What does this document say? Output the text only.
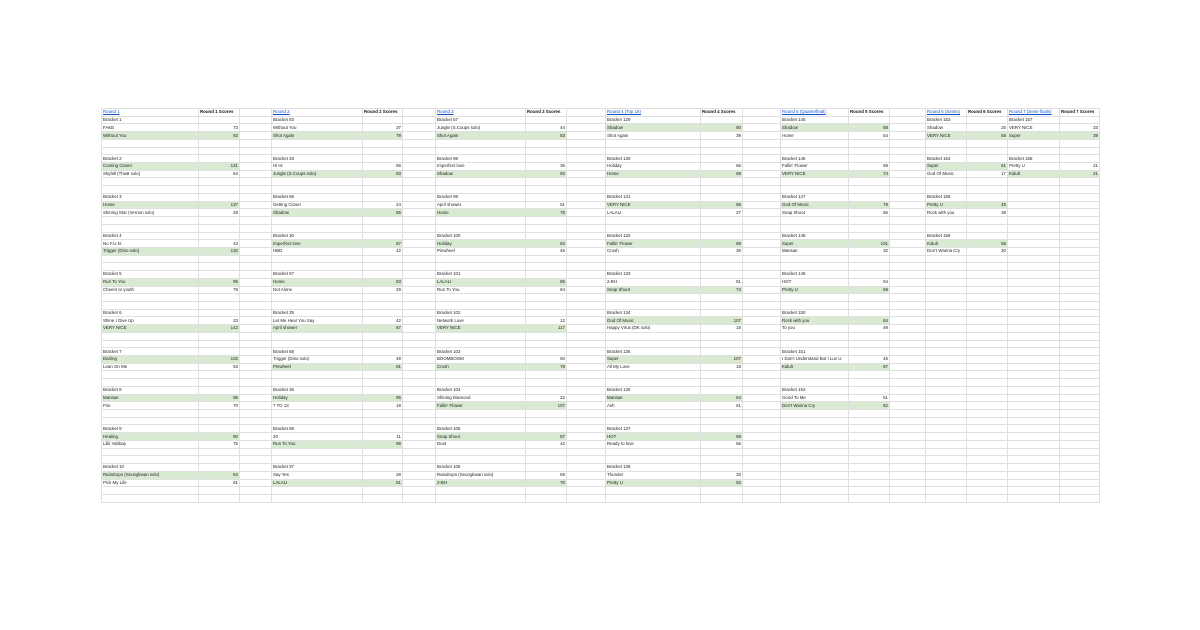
Round 1	Round 1 Scores		Round 2	Round 2 Scores		Round 3	Round 3 Scores		Round 4 (Top 16)	Round 4 Scores		Round 5 (Quarterfinal)	Round 5 Scores		Round 6 (Semis)	Round 6 Scores		Round 7 (Semi-finals)	Round 7 Scores
Bracket 1			Bracket 93			Bracket 57			Bracket 129			Bracket 145			Bracket 153			Bracket 157	
FAKE	73		Without You	37		Jungle (S.Coups solo)	44		Shadow	90		Shadow	88		Shadow	25		VERY NICE	33
Without You	92		Shot Again	79		Shot Again	83		Shot Again	39		Home	64		VERY NICE	58		Super	39

Bracket 2			Bracket 33			Bracket 98			Bracket 130			Bracket 146			Bracket 154			Bracket 158	
Coming Closer	131		Hi Hi	66		Imperfect love	36		Holiday	66		Fallin' Flower	59		Super	61		Pretty U	21
Skyfall (Thw8 solo)	64		Jungle (S.Coups solo)	83		Shadow	93		Home	69		VERY NICE	74		God Of Music	17		Kidult	21

Bracket 3			Bracket 66			Bracket 99			Bracket 131			Bracket 147			Bracket 155				
Home	137		Getting Closer	24		April shower	51		VERY NICE	96		God Of Music	79		Pretty U	45			
Shining Star (Vernon solo)	28		Shadow	85		Home	78		LALALI	27		Snap Shoot	56		Rock with you	38			

Bracket 4			Bracket 30			Bracket 100			Bracket 132			Bracket 148			Bracket 156				
No F.U.N.	43		Imperfect love	87		Holiday	84		Fallin' Flower	89		Super	101		Kidult	58			
Trigger (Dino solo)	132		HBD	42		Pinwheel	45		Crush	36		Mansae	32		Don't Wanna Cry	20			

Bracket 5			Bracket 67			Bracket 101			Bracket 133			Bracket 149							
Run To You	95		Home	83		LALALI	85		2-BH	51		HOT	64						
Cheers to youth	79		Not Alone	29		Run To You	64		Snap Shoot	74		Pretty U	69						

Bracket 6			Bracket 35			Bracket 102			Bracket 134			Bracket 150							
Shine I Give Up	23		Let Me Hear You Say	42		Network Love	12		God Of Music	107		Rock with you	84						
VERY NICE	142		April shower	87		VERY NICE	117		Happy Virus (DK solo)	18		To you	49						

Bracket 7			Bracket 68			Bracket 103			Bracket 135			Bracket 151							
Darling	102		Trigger (Dino solo)	49		BOOMBOOM	50		Super	107		I Don't Understand But I Luv U	46						
Lean On Me	63		Pinwheel	81		Crush	79		All My Love	18		Kidult	87						

Bracket 8			Bracket 36			Bracket 104			Bracket 136			Bracket 152							
Mansae	95		Holiday	95		Shining Diamond	22		Mansae	64		Good To Me	51						
Fire	70		7 TO 13	19		Fallin' Flower	107		Ash	61		Don't Wanna Cry	82						

Bracket 9			Bracket 69			Bracket 105			Bracket 137										
Healing	90		20	11		Snap Shoot	87		HOT	69									
Lilili Yabbay	75		Run To You	98		Dust	42		Ready to love	56									

Bracket 10			Bracket 37			Bracket 106			Bracket 138										
Raindrops (Seungkwan solo)	84		Say Yes	28		Raindrops (Seungkwan solo)	59		Thunder	33									
Pick My Life	81		LALALI	81		2-BH	70		Pretty U	92									
